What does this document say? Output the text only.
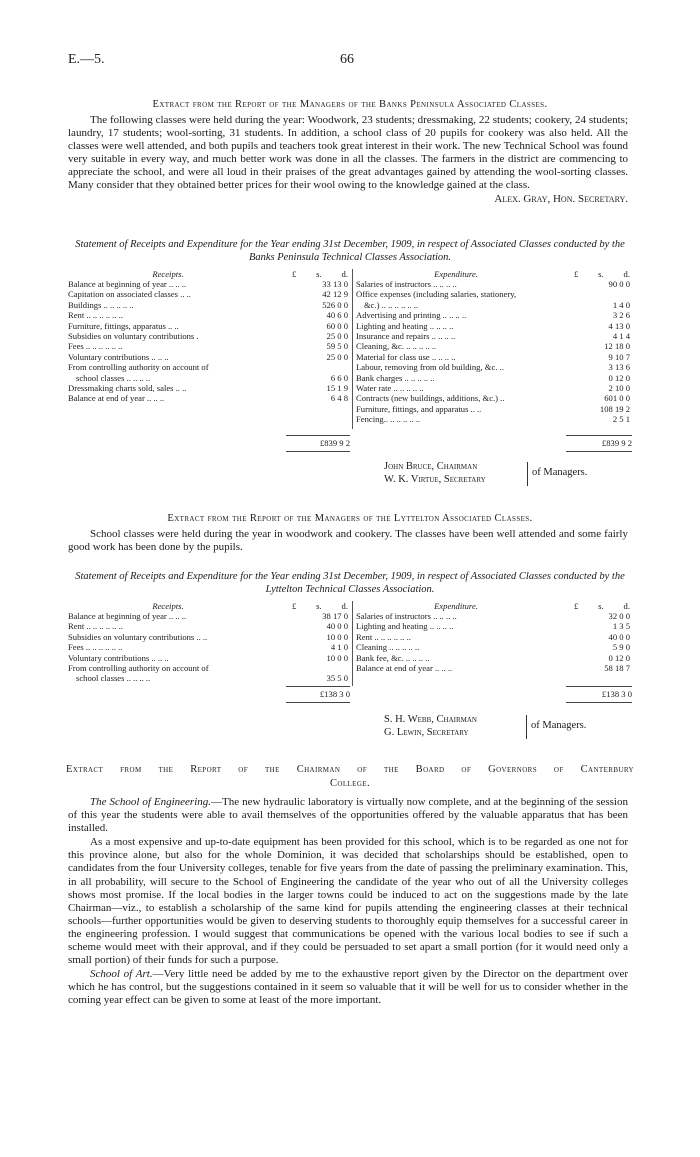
E.—5.	66
Extract from the Report of the Managers of the Banks Peninsula Associated Classes.

The following classes were held during the year: Woodwork, 23 students; dressmaking, 22 students; cookery, 24 students; laundry, 17 students; wool-sorting, 31 students. In addition, a school class of 20 pupils for cookery was also held. All the classes were well attended, and both pupils and teachers took great interest in their work. The new Technical School was found very suitable in every way, and much better work was done in all the classes. The farmers in the district are commencing to appreciate the school, and were all loud in their praises of the great advantages gained by attending the wool-sorting classes. Many consider that they obtained better prices for their wool owing to the knowledge gained at the class.

Alex. Gray, Hon. Secretary.
Statement of Receipts and Expenditure for the Year ending 31st December, 1909, in respect of Associated Classes conducted by the Banks Peninsula Technical Classes Association.
Receipts.	£ s. d.
Balance at beginning of year .. .. ..	33 13 0
Capitation on associated classes .. ..	42 12 9
Buildings .. .. .. .. ..	526 0 0
Rent .. .. .. .. .. ..	40 6 0
Furniture, fittings, apparatus .. ..	60 0 0
Subsidies on voluntary contributions .	25 0 0
Fees .. .. .. .. .. ..	59 5 0
Voluntary contributions .. .. ..	25 0 0
From controlling authority on account of
school classes .. .. .. ..	6 6 0
Dressmaking charts sold, sales .. ..	15 1 9
Balance at end of year .. .. ..	6 4 8
Expenditure.	£ s. d.
Salaries of instructors .. .. .. ..	90 0 0
Office expenses (including salaries, stationery,
&c.) .. .. .. .. .. ..	1 4 0
Advertising and printing .. .. .. ..	3 2 6
Lighting and heating .. .. .. ..	4 13 0
Insurance and repairs .. .. .. ..	4 1 4
Cleaning, &c. .. .. .. .. ..	12 18 0
Material for class use .. .. .. ..	9 10 7
Labour, removing from old building, &c. ..	3 13 6
Bank charges .. .. .. .. ..	0 12 0
Water rate .. .. .. .. ..	2 10 0
Contracts (new buildings, additions, &c.) ..	601 0 0
Furniture, fittings, and apparatus .. ..	108 19 2
Fencing.. .. .. .. .. ..	2 5 1
£839 9 2	£839 9 2
John Bruce, Chairman
W. K. Virtue, Secretary
of Managers.
Extract from the Report of the Managers of the Lyttelton Associated Classes.

School classes were held during the year in woodwork and cookery. The classes have been well attended and some fairly good work has been done by the pupils.

Statement of Receipts and Expenditure for the Year ending 31st December, 1909, in respect of Associated Classes conducted by the Lyttelton Technical Classes Association.
Receipts.	£ s. d.
Balance at beginning of year .. .. ..	38 17 0
Rent .. .. .. .. .. ..	40 0 0
Subsidies on voluntary contributions .. ..	10 0 0
Fees .. .. .. .. .. ..	4 1 0
Voluntary contributions .. .. ..	10 0 0
From controlling authority on account of
school classes .. .. .. ..	35 5 0
Expenditure.	£ s. d.
Salaries of instructors .. .. .. ..	32 0 0
Lighting and heating .. .. .. ..	1 3 5
Rent .. .. .. .. .. ..	40 0 0
Cleaning .. .. .. .. ..	5 9 0
Bank fee, &c. .. .. .. ..	0 12 0
Balance at end of year .. .. ..	58 18 7
£138 3 0	£138 3 0
S. H. Webb, Chairman
G. Lewin, Secretary
of Managers.
Extract from the Report of the Chairman of the Board of Governors of Canterbury
College.

The School of Engineering.—The new hydraulic laboratory is virtually now complete, and at the beginning of the session of this year the students were able to avail themselves of the opportunities offered by the valuable apparatus that has been installed.

As a most expensive and up-to-date equipment has been provided for this school, which is to be regarded as one not for this province alone, but also for the whole Dominion, it was decided that scholarships should be established, open to candidates from the four University colleges, tenable for five years from the date of passing the preliminary examination. This, in all probability, will secure to the School of Engineering the candidate of the year who out of all the University colleges shows most promise. If the local bodies in the larger towns could be induced to act on the suggestions made by the late Chairman—viz., to establish a scholarship of the same kind for pupils attending the engineering classes at their technical schools—further opportunities would be given to deserving students to thoroughly equip themselves for a successful career in the engineering profession. I would suggest that communications be opened with the various local bodies to see if such a scheme would meet with their approval, and if they could be persuaded to set apart a small portion (for it would need only a small portion) of their funds for such a purpose.

School of Art.—Very little need be added by me to the exhaustive report given by the Director on the department over which he has control, but the suggestions contained in it seem so valuable that it will be well for us to consider whether in the coming year effect can be given to some at least of the more important.
